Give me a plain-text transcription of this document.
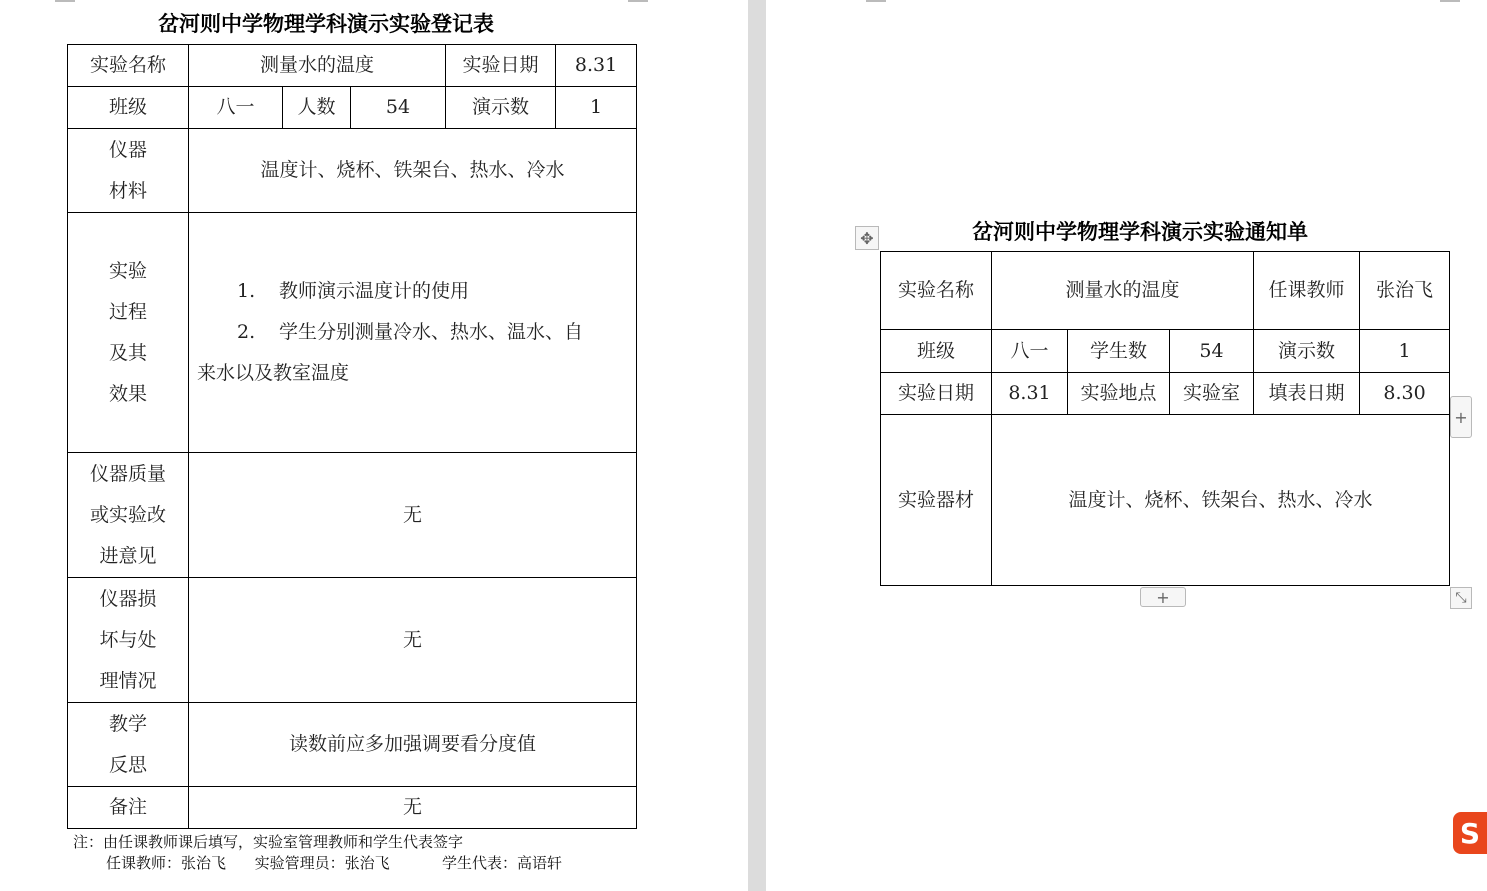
岔河则中学物理学科演示实验登记表
实验名称	测量水的温度			实验日期	8.31
班级	八一	人数	54	演示数	1

仪器
材料	温度计、烧杯、铁架台、热水、冷水				

实验
过程
及其
效果	1. 教师演示温度计的使用
2. 学生分别测量冷水、热水、温水、自
来水以及教室温度				

仪器质量
或实验改
进意见	无				

仪器损
坏与处
理情况	无				

教学
反思	读数前应多加强调要看分度值				
备注	无				
注：由任课教师课后填写，实验室管理教师和学生代表签字
任课教师：张治飞      实验管理员：张治飞           学生代表：高语轩
岔河则中学物理学科演示实验通知单
✥
实验名称	测量水的温度			任课教师	张治飞
班级	八一	学生数	54	演示数	1
实验日期	8.31	实验地点	实验室	填表日期	8.30
实验器材	温度计、烧杯、铁架台、热水、冷水				
+
+	⤡
S
